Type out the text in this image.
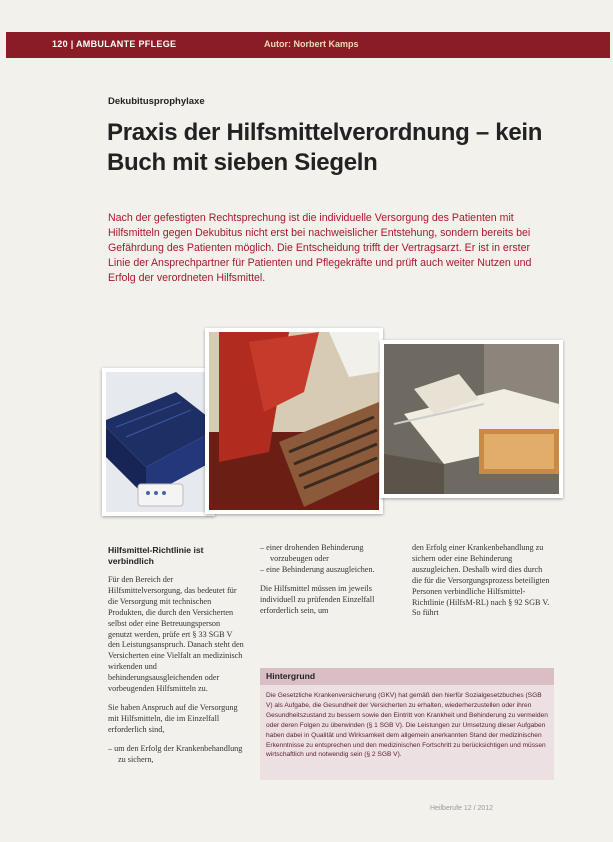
120 | AMBULANTE PFLEGE	Autor: Norbert Kamps
Dekubitusprophylaxe
Praxis der Hilfsmittelverordnung – kein Buch mit sieben Siegeln
Nach der gefestigten Rechtsprechung ist die individuelle Versorgung des Patienten mit Hilfsmitteln gegen Dekubitus nicht erst bei nachweislicher Entstehung, sondern bereits bei Gefährdung des Patienten möglich. Die Entscheidung trifft der Vertragsarzt. Er ist in erster Linie der Ansprechpartner für Patienten und Pflegekräfte und prüft auch weiter Nutzen und Erfolg der verordneten Hilfsmittel.
Hilfsmittel-Richtlinie ist verbindlich

Für den Bereich der Hilfsmittelversorgung, das bedeutet für die Versorgung mit technischen Produkten, die durch den Versicherten selbst oder eine Betreuungsperson genutzt werden, prüfe ert § 33 SGB V den Leistungsanspruch. Danach steht den Versicherten eine Vielfalt an medizinisch wirkenden und behinderungsausgleichenden oder vorbeugenden Hilfsmitteln zu.

Sie haben Anspruch auf die Versorgung mit Hilfsmitteln, die im Einzelfall erforderlich sind,

– um den Erfolg der Krankenbehandlung zu sichern,
– einer drohenden Behinderung vorzubeugen oder
– eine Behinderung auszugleichen.

Die Hilfsmittel müssen im jeweils individuell zu prüfenden Einzelfall erforderlich sein, um

den Erfolg einer Krankenbehandlung zu sichern oder eine Behinderung auszugleichen. Deshalb wird dies durch die für die Versorgungsprozess beteiligten Personen verbindliche Hilfsmittel-Richtlinie (HilfsM-RL) nach § 92 SGB V. So führt

Hintergrund
Die Gesetzliche Krankenversicherung (GKV) hat gemäß den hierfür Sozialgesetzbuches (SGB V) als Aufgabe, die Gesundheit der Versicherten zu erhalten, wiederherzustellen oder ihren Gesundheitszustand zu bessern sowie den Eintritt von Krankheit und Behinderung zu vermeiden oder deren Folgen zu überwinden (§ 1 SGB V). Die Leistungen zur Umsetzung dieser Aufgaben haben dabei in Qualität und Wirksamkeit dem allgemein anerkannten Stand der medizinischen Erkenntnisse zu entsprechen und den medizinischen Fortschritt zu berücksichtigen und müssen wirtschaftlich und notwendig sein (§ 2 SGB V).
Heilberufe 12 / 2012
